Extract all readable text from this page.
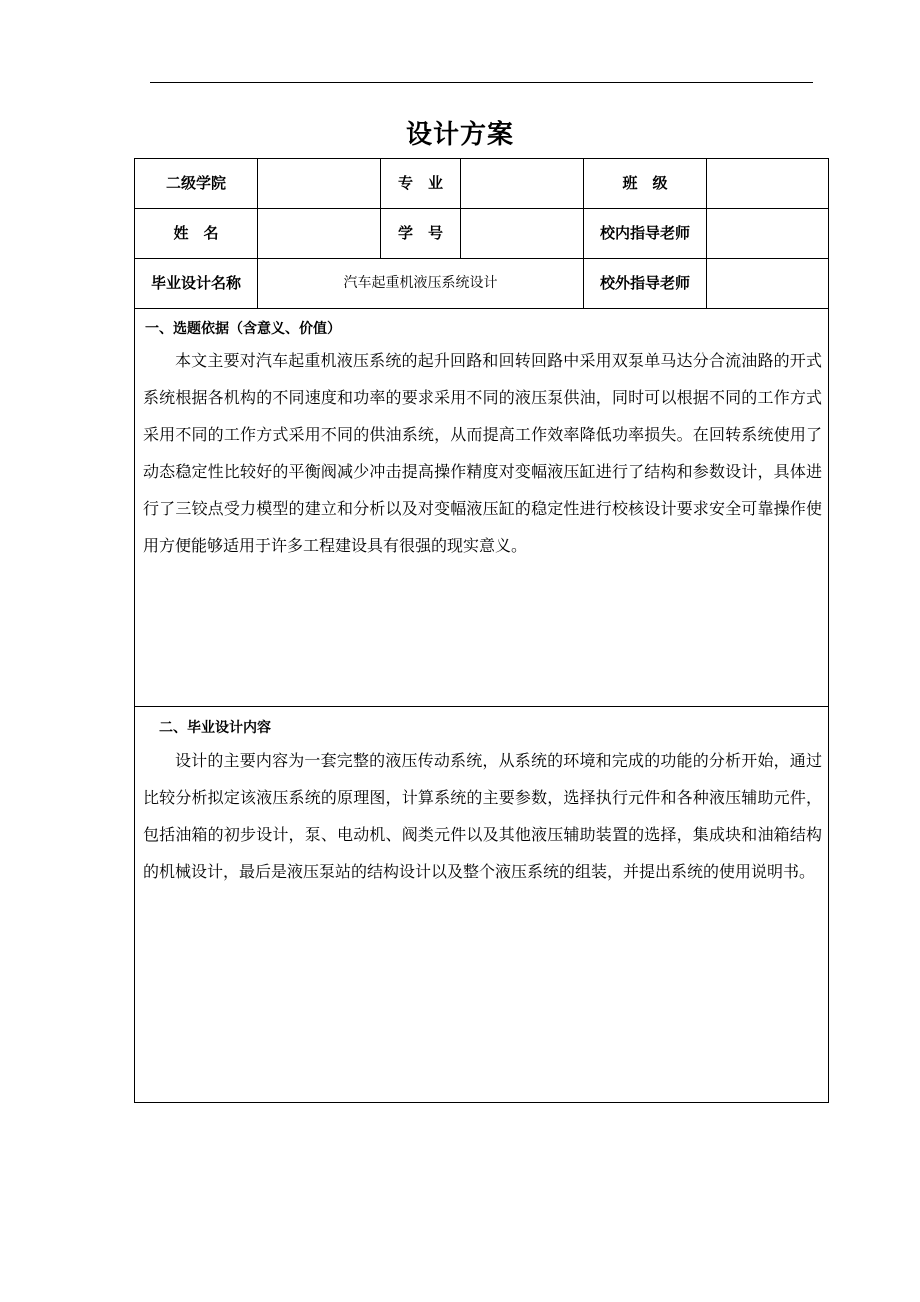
设计方案
二级学院	专　业	班　级
姓　名	学　号	校内指导老师
毕业设计名称	汽车起重机液压系统设计	校外指导老师
一、选题依据（含意义、价值）
本文主要对汽车起重机液压系统的起升回路和回转回路中采用双泵单马达分合流油路的开式系统根据各机构的不同速度和功率的要求采用不同的液压泵供油，同时可以根据不同的工作方式采用不同的工作方式采用不同的供油系统，从而提高工作效率降低功率损失。在回转系统使用了动态稳定性比较好的平衡阀减少冲击提高操作精度对变幅液压缸进行了结构和参数设计，具体进行了三铰点受力模型的建立和分析以及对变幅液压缸的稳定性进行校核设计要求安全可靠操作使用方便能够适用于许多工程建设具有很强的现实意义。
二、毕业设计内容
设计的主要内容为一套完整的液压传动系统，从系统的环境和完成的功能的分析开始，通过比较分析拟定该液压系统的原理图，计算系统的主要参数，选择执行元件和各种液压辅助元件，包括油箱的初步设计，泵、电动机、阀类元件以及其他液压辅助装置的选择，集成块和油箱结构的机械设计，最后是液压泵站的结构设计以及整个液压系统的组装，并提出系统的使用说明书。
